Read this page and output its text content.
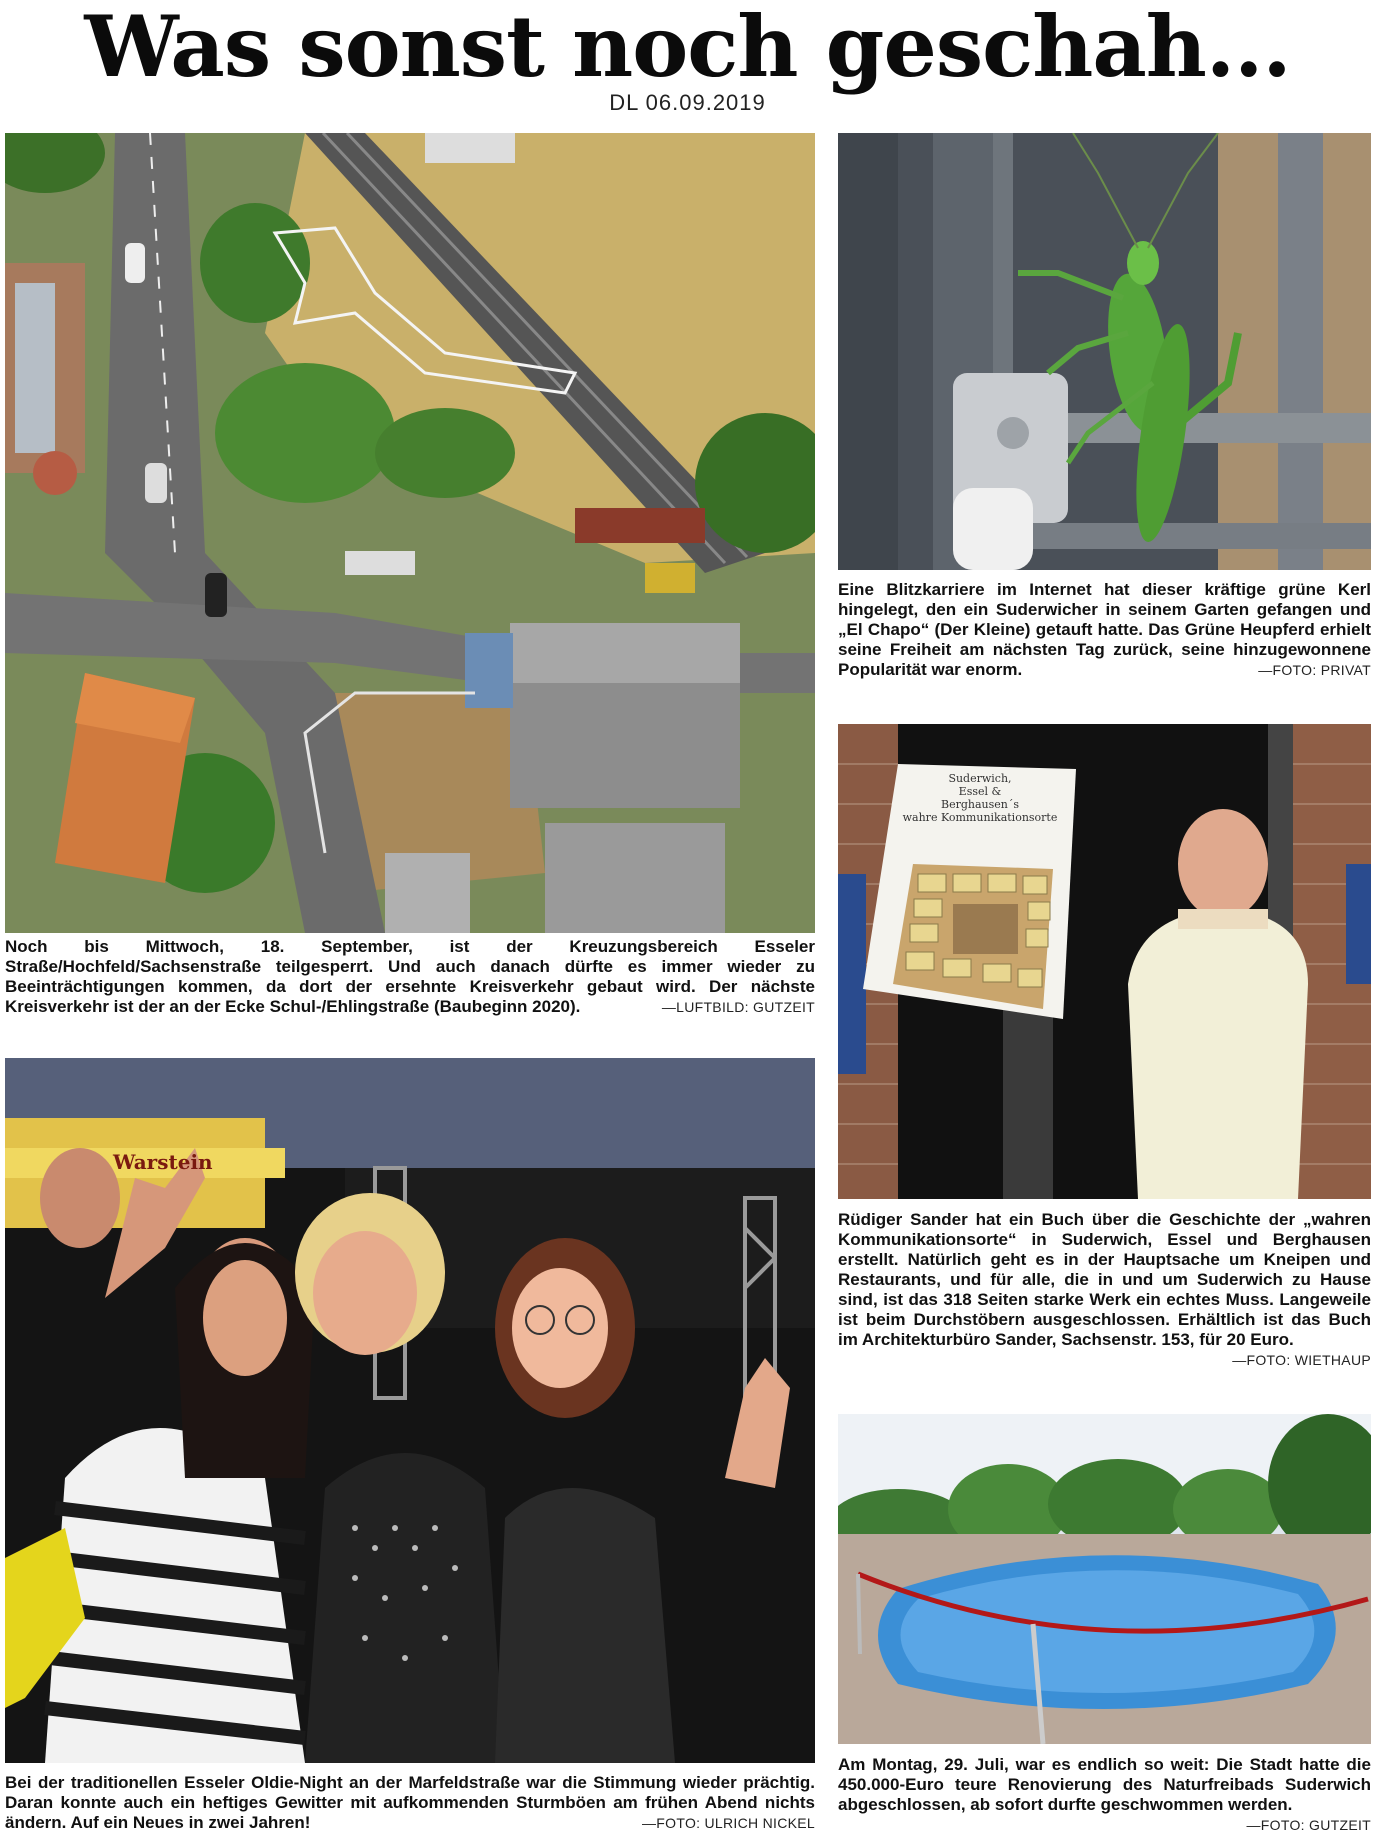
Was sonst noch geschah...
DL 06.09.2019
Noch bis Mittwoch, 18. September, ist der Kreuzungsbereich Esseler Straße/Hochfeld/Sachsenstraße teilgesperrt. Und auch danach dürfte es immer wieder zu Beeinträchtigungen kommen, da dort der ersehnte Kreisverkehr gebaut wird. Der nächste Kreisverkehr ist der an der Ecke Schul-/Ehlingstraße (Baubeginn 2020).	—LUFTBILD: GUTZEIT
Eine Blitzkarriere im Internet hat dieser kräftige grüne Kerl hingelegt, den ein Suderwicher in seinem Garten gefangen und „El Chapo“ (Der Kleine) getauft hatte. Das Grüne Heupferd erhielt seine Freiheit am nächsten Tag zurück, seine hinzugewonnene Popularität war enorm.	—FOTO: PRIVAT
Suderwich,
Essel &
Berghausen´s
wahre Kommunikationsorte
Rüdiger Sander hat ein Buch über die Geschichte der „wahren Kommunikationsorte“ in Suderwich, Essel und Berghausen erstellt. Natürlich geht es in der Hauptsache um Kneipen und Restaurants, und für alle, die in und um Suderwich zu Hause sind, ist das 318 Seiten starke Werk ein echtes Muss. Langeweile ist beim Durchstöbern ausgeschlossen. Erhältlich ist das Buch im Architekturbüro Sander, Sachsenstr. 153, für 20 Euro.
—FOTO: WIETHAUP
Warstein
Bei der traditionellen Esseler Oldie-Night an der Marfeldstraße war die Stimmung wieder prächtig. Daran konnte auch ein heftiges Gewitter mit aufkommenden Sturmböen am frühen Abend nichts ändern. Auf ein Neues in zwei Jahren!	—FOTO: ULRICH NICKEL
Am Montag, 29. Juli, war es endlich so weit: Die Stadt hatte die 450.000-Euro teure Renovierung des Naturfreibads Suderwich abgeschlossen, ab sofort durfte geschwommen werden.
—FOTO: GUTZEIT
